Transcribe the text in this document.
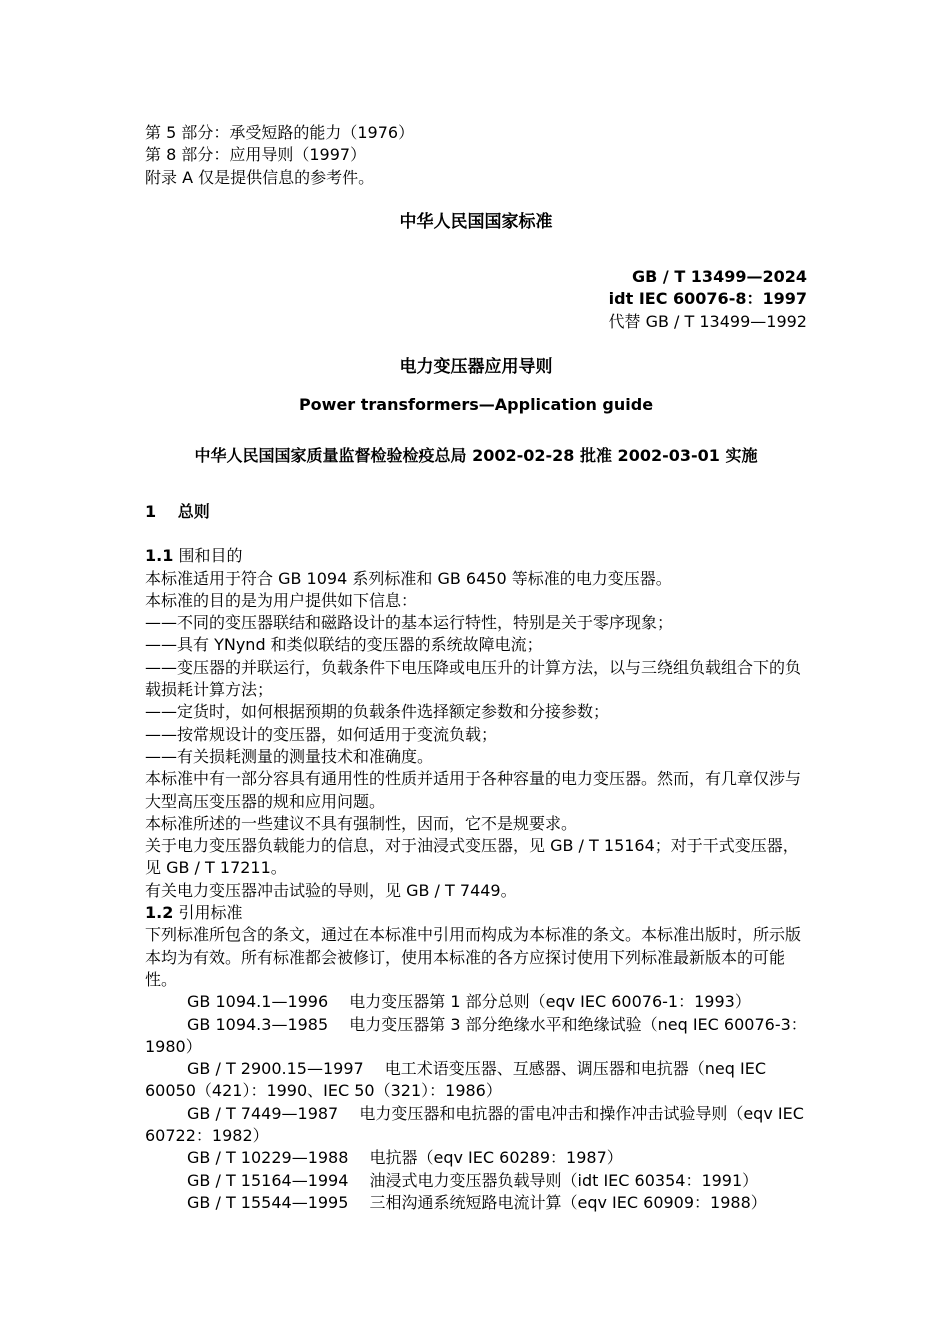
第 5 部分：承受短路的能力（1976）

第 8 部分：应用导则（1997）

附录 A 仅是提供信息的参考件。

中华人民国国家标准

GB / T 13499—2024

idt IEC 60076-8：1997

代替 GB / T 13499—1992

电力变压器应用导则

Power transformers—Application guide

中华人民国国家质量监督检验检疫总局 2002-02-28 批准 2002-03-01 实施

1　 总则

1.1 围和目的

本标准适用于符合 GB 1094 系列标准和 GB 6450 等标准的电力变压器。

本标准的目的是为用户提供如下信息：

——不同的变压器联结和磁路设计的基本运行特性，特别是关于零序现象；

——具有 YNynd 和类似联结的变压器的系统故障电流；

——变压器的并联运行，负载条件下电压降或电压升的计算方法，以与三绕组负载组合下的负载损耗计算方法；

——定货时，如何根据预期的负载条件选择额定参数和分接参数；

——按常规设计的变压器，如何适用于变流负载；

——有关损耗测量的测量技术和准确度。

本标准中有一部分容具有通用性的性质并适用于各种容量的电力变压器。然而，有几章仅涉与大型高压变压器的规和应用问题。

本标准所述的一些建议不具有强制性，因而，它不是规要求。

关于电力变压器负载能力的信息，对于油浸式变压器，见 GB / T 15164；对于干式变压器，见 GB / T 17211。

有关电力变压器冲击试验的导则，见 GB / T 7449。

1.2 引用标准

下列标准所包含的条文，通过在本标准中引用而构成为本标准的条文。本标准出版时，所示版本均为有效。所有标准都会被修订，使用本标准的各方应探讨使用下列标准最新版本的可能性。

GB 1094.1—1996　 电力变压器第 1 部分总则（eqv IEC 60076-1：1993）

GB 1094.3—1985　 电力变压器第 3 部分绝缘水平和绝缘试验（neq IEC 60076-3：1980）

GB / T 2900.15—1997　 电工术语变压器、互感器、调压器和电抗器（neq IEC 60050（421）：1990、IEC 50（321）：1986）

GB / T 7449—1987　 电力变压器和电抗器的雷电冲击和操作冲击试验导则（eqv IEC 60722：1982）

GB / T 10229—1988　 电抗器（eqv IEC 60289：1987）

GB / T 15164—1994　 油浸式电力变压器负载导则（idt IEC 60354：1991）

GB / T 15544—1995　 三相沟通系统短路电流计算（eqv IEC 60909：1988）
